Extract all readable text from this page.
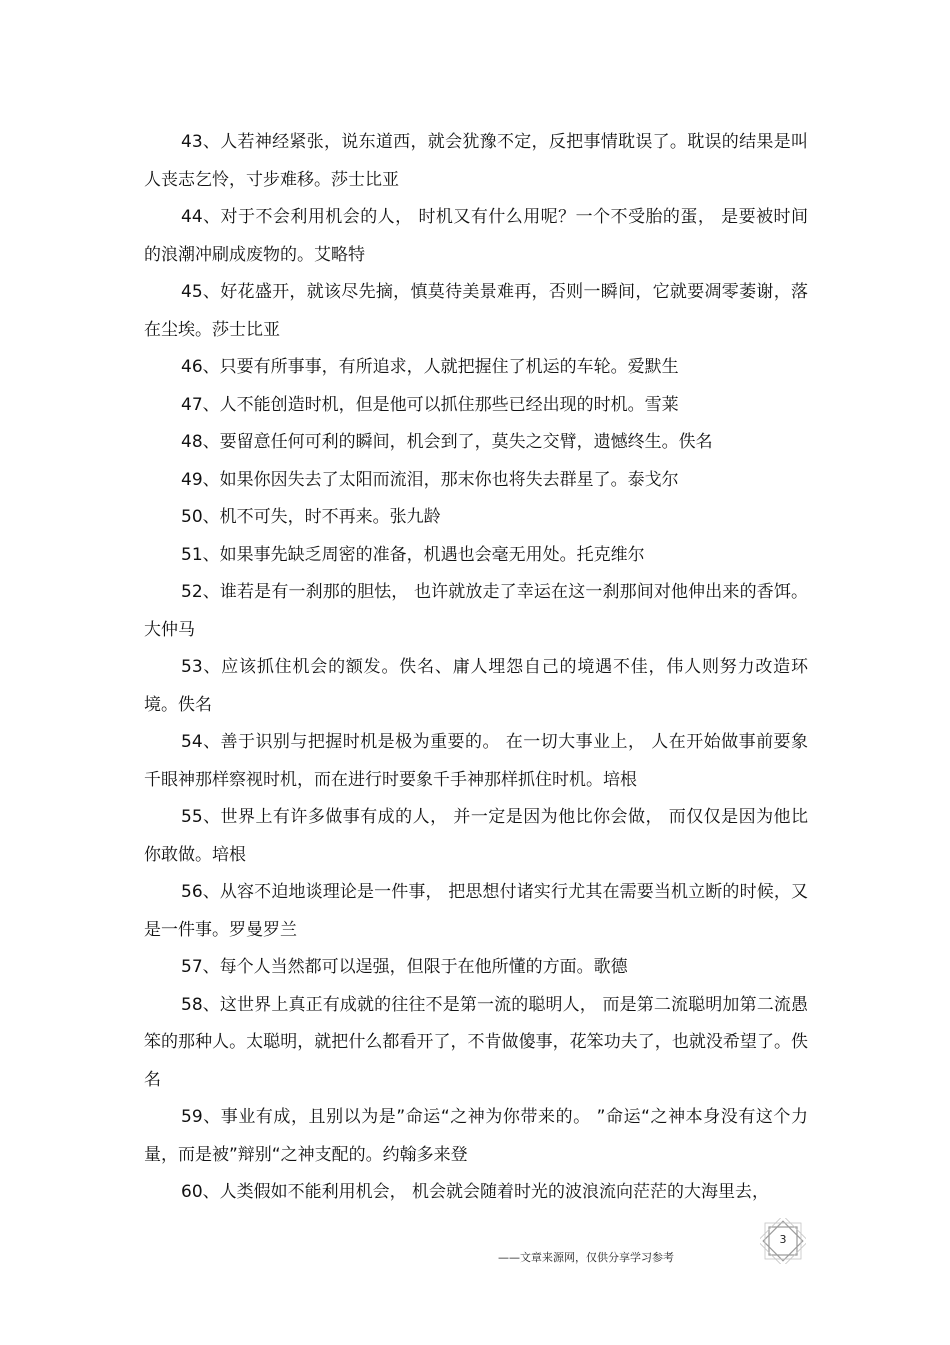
43、人若神经紧张，说东道西，就会犹豫不定，反把事情耽误了。耽误的结果是叫人丧志乞怜，寸步难移。莎士比亚

44、对于不会利用机会的人， 时机又有什么用呢？一个不受胎的蛋， 是要被时间的浪潮冲刷成废物的。艾略特

45、好花盛开，就该尽先摘，慎莫待美景难再，否则一瞬间，它就要凋零萎谢，落在尘埃。莎士比亚

46、只要有所事事，有所追求，人就把握住了机运的车轮。爱默生

47、人不能创造时机，但是他可以抓住那些已经出现的时机。雪莱

48、要留意任何可利的瞬间，机会到了，莫失之交臂，遗憾终生。佚名

49、如果你因失去了太阳而流泪，那末你也将失去群星了。泰戈尔

50、机不可失，时不再来。张九龄

51、如果事先缺乏周密的准备，机遇也会毫无用处。托克维尔

52、谁若是有一刹那的胆怯， 也许就放走了幸运在这一刹那间对他伸出来的香饵。大仲马

53、应该抓住机会的额发。佚名、庸人埋怨自己的境遇不佳，伟人则努力改造环境。佚名

54、善于识别与把握时机是极为重要的。 在一切大事业上， 人在开始做事前要象千眼神那样察视时机，而在进行时要象千手神那样抓住时机。培根

55、世界上有许多做事有成的人， 并一定是因为他比你会做， 而仅仅是因为他比你敢做。培根

56、从容不迫地谈理论是一件事， 把思想付诸实行尤其在需要当机立断的时候，又是一件事。罗曼罗兰

57、每个人当然都可以逞强，但限于在他所懂的方面。歌德

58、这世界上真正有成就的往往不是第一流的聪明人， 而是第二流聪明加第二流愚笨的那种人。太聪明，就把什么都看开了，不肯做傻事，花笨功夫了，也就没希望了。佚名

59、事业有成，且别以为是”命运“之神为你带来的。 ”命运“之神本身没有这个力量，而是被”辩别“之神支配的。约翰多来登

60、人类假如不能利用机会， 机会就会随着时光的波浪流向茫茫的大海里去，

3
——文章来源网，仅供分享学习参考
